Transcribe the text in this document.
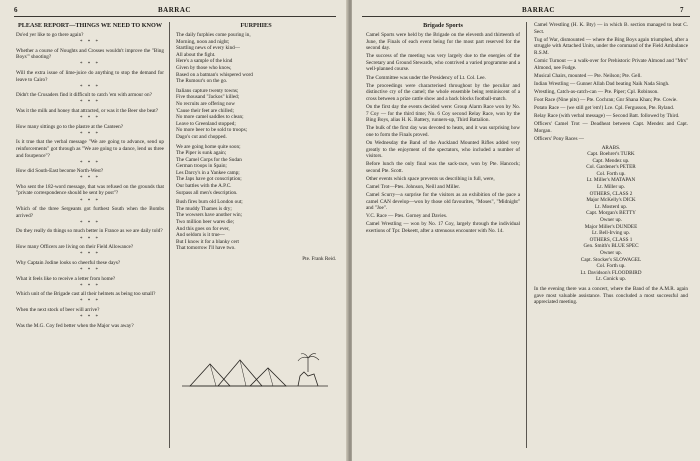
6	BARRAC
PLEASE REPORT—THINGS WE NEED TO KNOW

Do'ed yer like to go there again?

* * *

Whether a course of Noughts and Crosses wouldn't improve the "Bing Boys'" shooting?

* * *

Will the extra issue of lime-juice do anything to stop the demand for leave to Cairo?

* * *

Didn't the Crusaders find it difficult to catch 'em with armour on?

* * *

Was it the milk and honey that attracted, or was it the Beer she beat?

* * *

How many sittings go to the plastre at the Canteen?

* * *

Is it true that the verbal message "We are going to advance, send up reinforcements" got through as "We are going to a dance, lend us three and fourpence"?

* * *

How did South-East become North-West?

* * *

Who sent the 182-word message, that was refused on the grounds that "private correspondence should be sent by post"?

* * *

Which of the three Sergeants got furthest South when the Bombs arrived?

* * *

Do they really do things so much better in France as we are daily told?

* * *

How many Officers are living on their Field Allowance?

* * *

Why Captain Jodine looks so cheerful these days?

* * *

What it feels like to receive a letter from home?

* * *

Which unit of the Brigade cast all their helmets as being too small?

* * *

When the next stock of beer will arrive?

* * *

Was the M.G. Coy fed better when the Major was away?

FURPHIES

The daily furphies come pouring in,

Morning, noon and night;

Startling news of every kind—

All about the fight.

Here's a sample of the kind

Given by those who know,

Based on a batman's whispered word

The Rumour's on the go.

Italians capture twenty towns;

Five thousand "Jackos" killed;

No recruits are offering now

'Cause their feet are chilled;

No more camel saddles to clean;

Leave to Greenland stopped;

No more beer to be sold to troops;

Dago's cut and chopped.

We are going home quite soon;

The Piper is sunk again;

The Camel Corps for the Sudan

German troops in Spain;

Les Darcy's in a Yankee camp;

The Japs have got conscription;

Our battles with the A.P.C.

Surpass all men's description.

Bush fires burn old London out;

The muddy Thames is dry;

The wowsers have another win;

Two million beer wares die;

And this goes on for ever,

And seldom is it true—

But I know it for a blanky cert

That tomorrow I'll have two.

Pte. Frank Reid.
BARRAC	7
Brigade Sports

Camel Sports were held by the Brigade on the eleventh and thirteenth of June, the Finals of each event being for the most part reserved for the second day.

The success of the meeting was very largely due to the energies of the Secretary and Ground Stewards, who contrived a varied programme and a well-planned course.

The Committee was under the Presidency of Lt. Col. Lee.

The proceedings were characterised throughout by the peculiar and distinctive cry of the camel; the whole ensemble being reminiscent of a cross between a prize cattle show and a back blocks football-match.

On the first day the events decided were: Group Alarm Race won by No. 7 Coy — for the third time; No. 6 Coy second Relay Race, won by the Bing Boys, alias H. K. Battery, runners-up, Third Battalion.

The bulk of the first day was devoted to heats, and it was surprising how one to form the Finals proved.

On Wednesday the Band of the Auckland Mounted Rifles added very greatly to the enjoyment of the spectators, who included a number of visitors.

Before lunch the only final was the sack-race, won by Pte. Hancock; second Pte. Scott.

Other events which space prevents us describing in full, were,

Camel Trot—Ptes. Johnson, Neill and Miller.

Camel Scurry—a surprise for the visitors as an exhibition of the pace a camel CAN develop—won by those old favourites, "Moses", "Midnight" and "Joe".

V.C. Race — Ptes. Gorney and Davies.

Camel Wrestling — won by No. 17 Coy, largely through the individual exertions of Tpr. Dekeett, after a strenuous encounter with No. 14.

Camel Wrestling (H. K. Bty) — in which B. section managed to beat C. Sect.

Tug of War, dismounted — where the Bing Boys again triumphed, after a struggle with Attached Units, under the command of the Field Ambulance R.S.M.

Comic Turnout — a walk-over for Prehistoric Private Almond and "Mrs" Almond, nee Fudge.

Musical Chairs, mounted — Pte. Neilson; Pte. Gell.

Indian Wrestling — Gunner Allah Dad beating Naik Nada Singh.

Wrestling, Catch-as-catch-can — Pte. Piper; Cpl. Robinson.

Foot Race (Nine pits) — Pte. Cochran; Gnr Shana Khan; Pte. Cowie.

Potato Race — (we still get 'em!) Lce. Cpl. Fergusson, Pte. Ryland.

Relay Race (with verbal message) — Second Batt. followed by Third.

Officers' Camel Trot — Deadheat between Capt. Mendez and Capt. Morgan.

Officers' Pony Races —

ARABS.
Capt. Boehrer's TURK
Capt. Mendez up.
Col. Gardener's PETER
Col. Forth up.
Lt. Miller's MATAPAN
Lt. Miller up.
OTHERS, CLASS 2
Major McKelly's DICK
Lt. Mosterd up.
Capt. Morgan's BETTY
Owner up.
Major Miller's DUNDEE
Lt. Bell-Irving up.
OTHERS, CLASS 1
Gen. Smith's BLUE SPEC
Owner up.
Capt. Stocker's SLOWAGEL
Col. Forth up.
Lt. Davidson's FLOODBIRD
Lt. Conick up.

In the evening there was a concert, where the Band of the A.M.R. again gave most valuable assistance. Thus concluded a most successful and appreciated meeting.
